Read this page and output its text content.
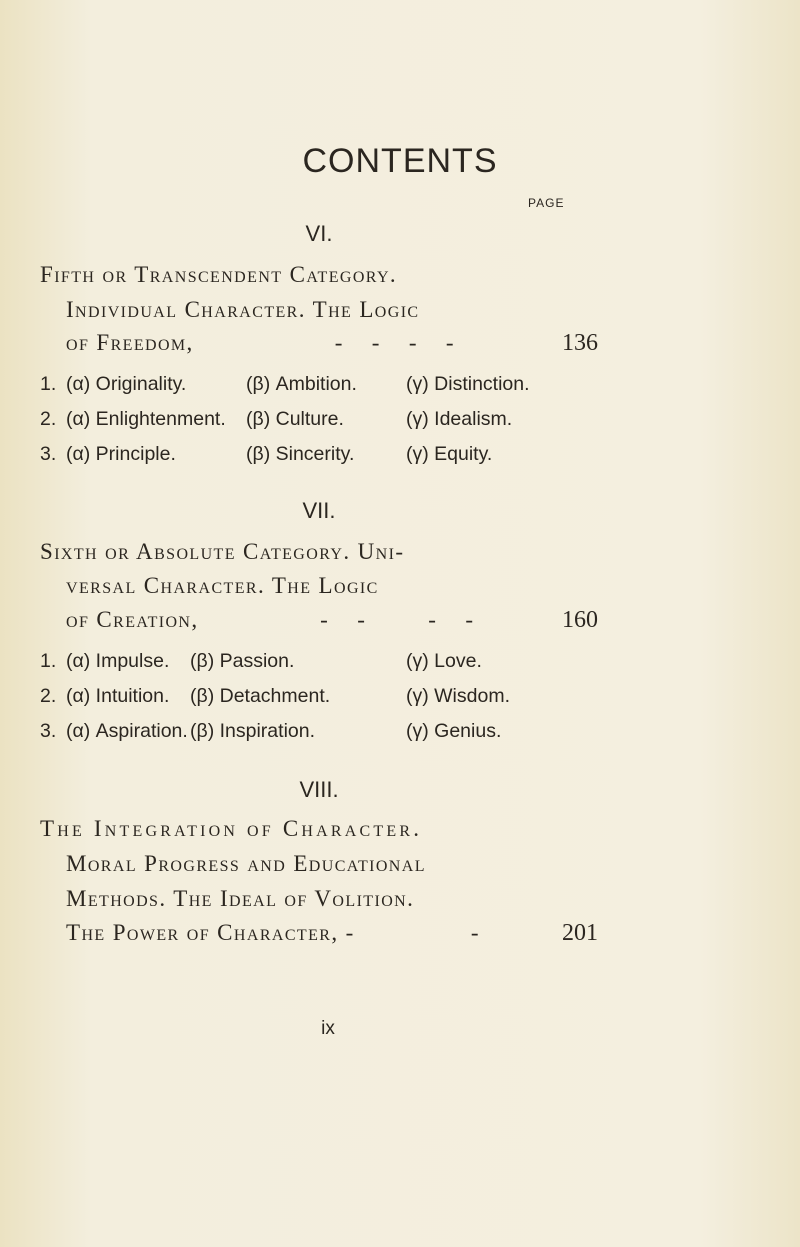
CONTENTS
PAGE
VI.
Fifth or Transcendent Category.
Individual Character. The Logic
of Freedom,	- - - -	136
1. (α) Originality.	(β) Ambition.	(γ) Distinction.
2. (α) Enlightenment. (β) Culture.	(γ) Idealism.
3. (α) Principle.	(β) Sincerity.	(γ) Equity.
VII.
Sixth or Absolute Category. Uni-
versal Character. The Logic
of Creation,	- -	- -	160
1. (α) Impulse. (β) Passion.	(γ) Love.
2. (α) Intuition. (β) Detachment.	(γ) Wisdom.
3. (α) Aspiration. (β) Inspiration.	(γ) Genius.
VIII.
The Integration of Character.
Moral Progress and Educational
Methods. The Ideal of Volition.
The Power of Character, -	-	201
ix
